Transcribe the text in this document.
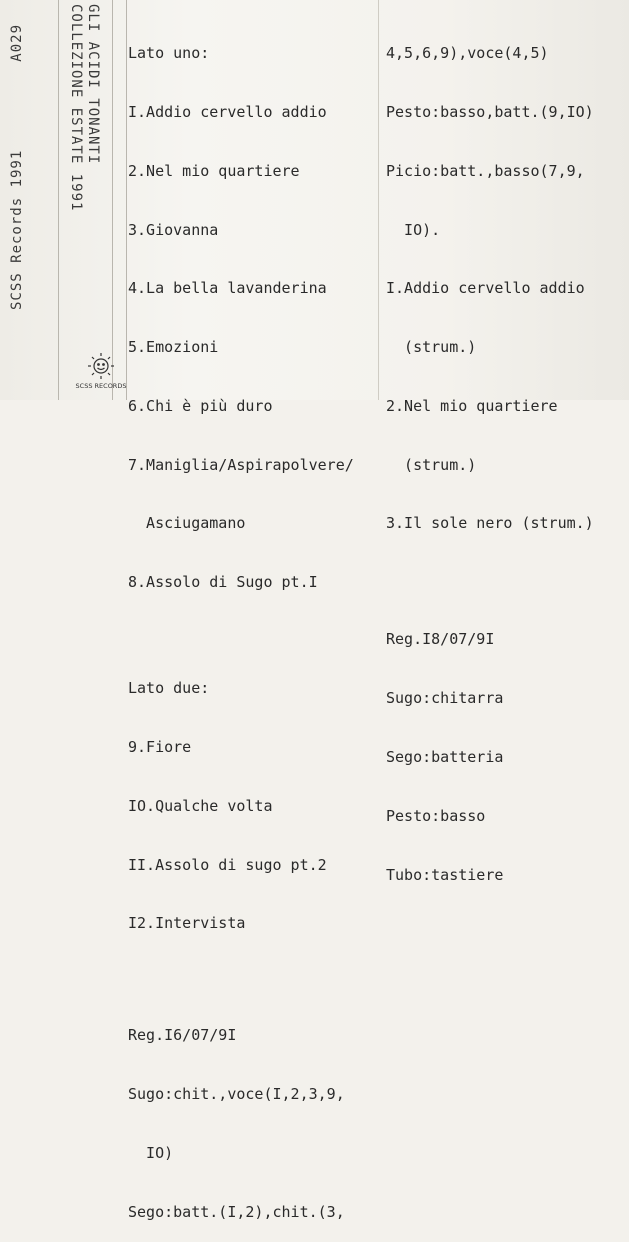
SCSS Records 1991A029	GLI ACIDI TONANTI
COLLEZIONE ESTATE 1991

	Lato uno:

I.Addio cervello addio

2.Nel mio quartiere

3.Giovanna

4.La bella lavanderina

5.Emozioni

6.Chi è più duro

7.Maniglia/Aspirapolvere/

Asciugamano

8.Assolo di Sugo pt.I

Lato due:

9.Fiore

IO.Qualche volta

II.Assolo di sugo pt.2

I2.Intervista

Reg.I6/07/9I

Sugo:chit.,voce(I,2,3,9,

IO)

Sego:batt.(I,2),chit.(3,

4,5,6,9),voce(4,5)

Pesto:basso,batt.(9,IO)

Picio:batt.,basso(7,9,

IO).

I.Addio cervello addio

(strum.)

2.Nel mio quartiere

(strum.)

3.Il sole nero (strum.)

Reg.I8/07/9I

Sugo:chitarra

Sego:batteria

Pesto:basso

Tubo:tastiere

SCSS RECORDS
